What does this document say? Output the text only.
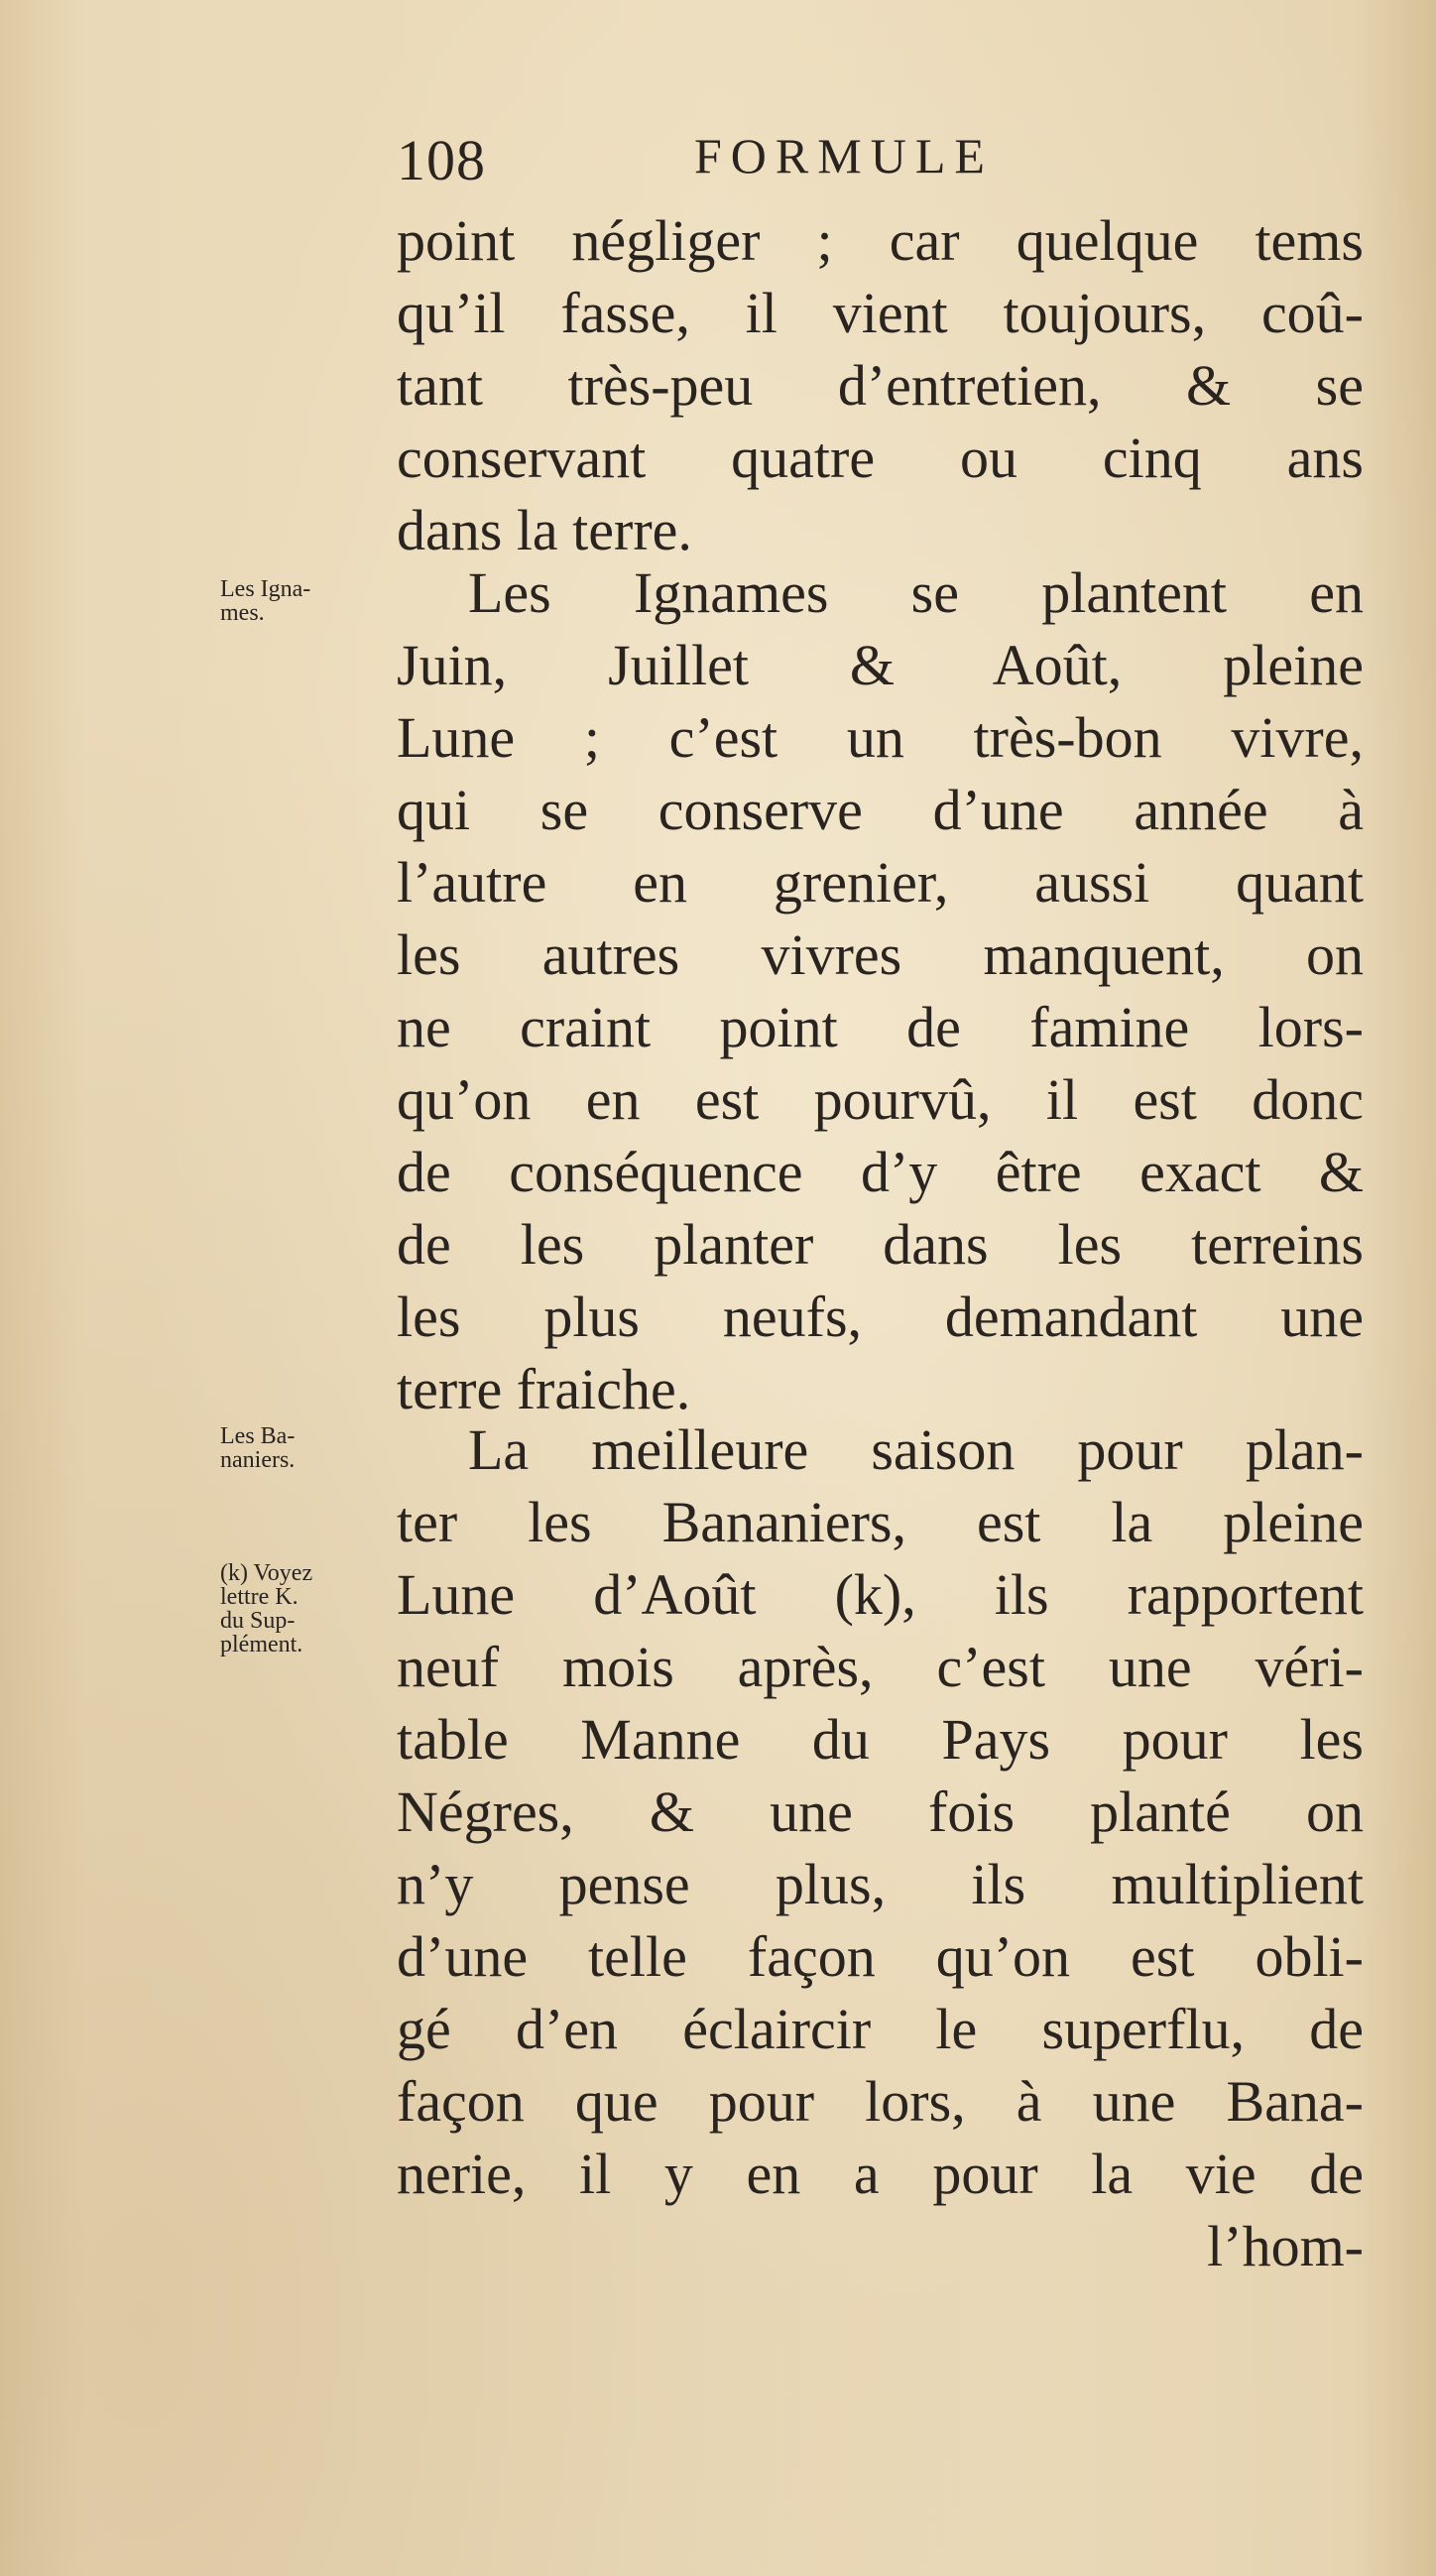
108	FORMULE
point négliger ; car quelque tems
qu’il fasse, il vient toujours, coû-
tant très-peu d’entretien, & se
conservant quatre ou cinq ans
dans la terre.
Les Ignames se plantent en
Juin, Juillet & Août, pleine
Lune ; c’est un très-bon vivre,
qui se conserve d’une année à
l’autre en grenier, aussi quant
les autres vivres manquent, on
ne craint point de famine lors-
qu’on en est pourvû, il est donc
de conséquence d’y être exact &
de les planter dans les terreins
les plus neufs, demandant une
terre fraiche.
La meilleure saison pour plan-
ter les Bananiers, est la pleine
Lune d’Août (k), ils rapportent
neuf mois après, c’est une véri-
table Manne du Pays pour les
Négres, & une fois planté on
n’y pense plus, ils multiplient
d’une telle façon qu’on est obli-
gé d’en éclaircir le superflu, de
façon que pour lors, à une Bana-
nerie, il y en a pour la vie de
l’hom-
Les Igna-
mes.
Les Ba-
naniers.
(k) Voyez
lettre K.
du Sup-
plément.
